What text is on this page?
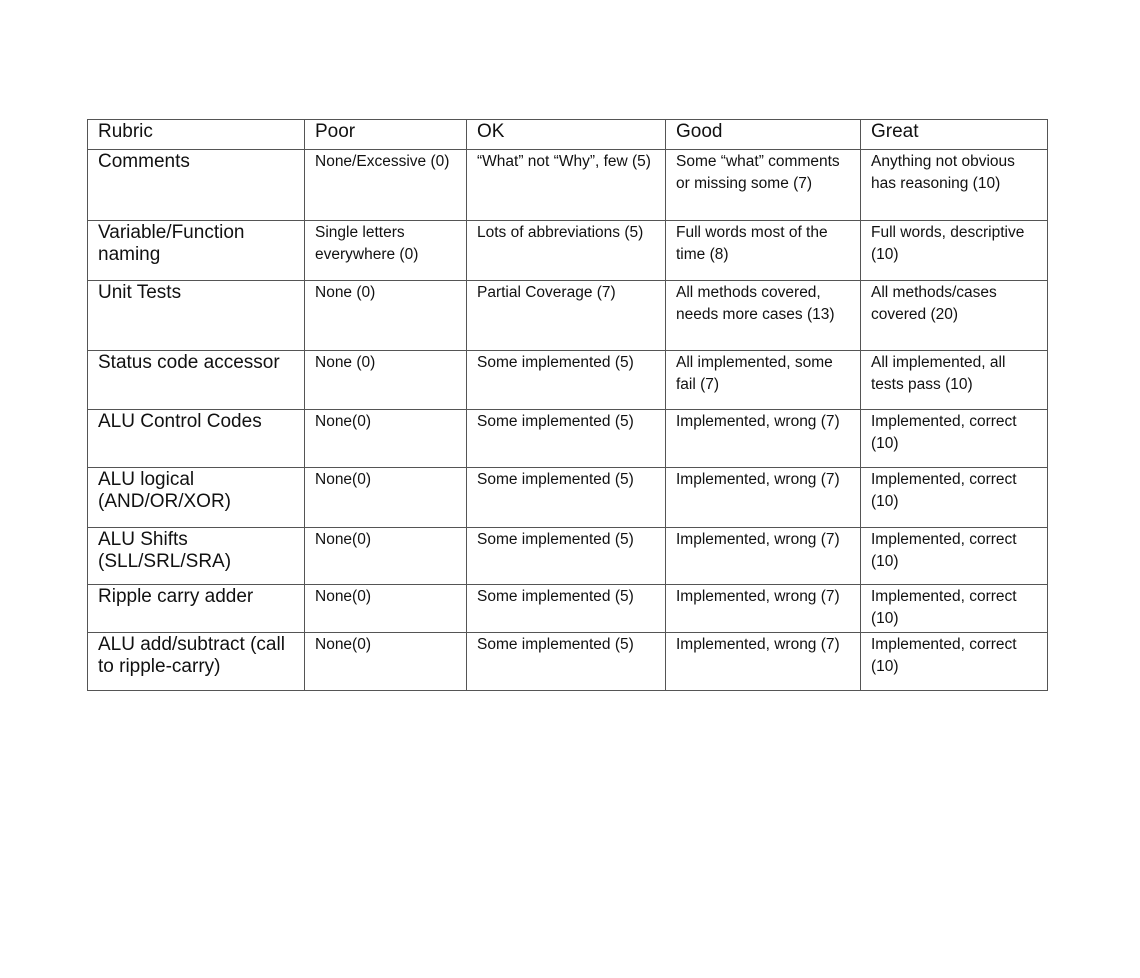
Rubric	Poor	OK	Good	Great
Comments	None/Excessive (0)	“What” not “Why”, few (5)	Some “what” comments or missing some (7)	Anything not obvious has reasoning (10)
Variable/Function naming	Single letters everywhere (0)	Lots of abbreviations (5)	Full words most of the time (8)	Full words, descriptive (10)
Unit Tests	None (0)	Partial Coverage (7)	All methods covered, needs more cases (13)	All methods/cases covered (20)
Status code accessor	None (0)	Some implemented (5)	All implemented, some fail (7)	All implemented, all tests pass (10)
ALU Control Codes	None(0)	Some implemented (5)	Implemented, wrong (7)	Implemented, correct (10)
ALU logical (AND/OR/XOR)	None(0)	Some implemented (5)	Implemented, wrong (7)	Implemented, correct (10)
ALU Shifts (SLL/SRL/SRA)	None(0)	Some implemented (5)	Implemented, wrong (7)	Implemented, correct (10)
Ripple carry adder	None(0)	Some implemented (5)	Implemented, wrong (7)	Implemented, correct (10)
ALU add/subtract (call to ripple-carry)	None(0)	Some implemented (5)	Implemented, wrong (7)	Implemented, correct (10)
